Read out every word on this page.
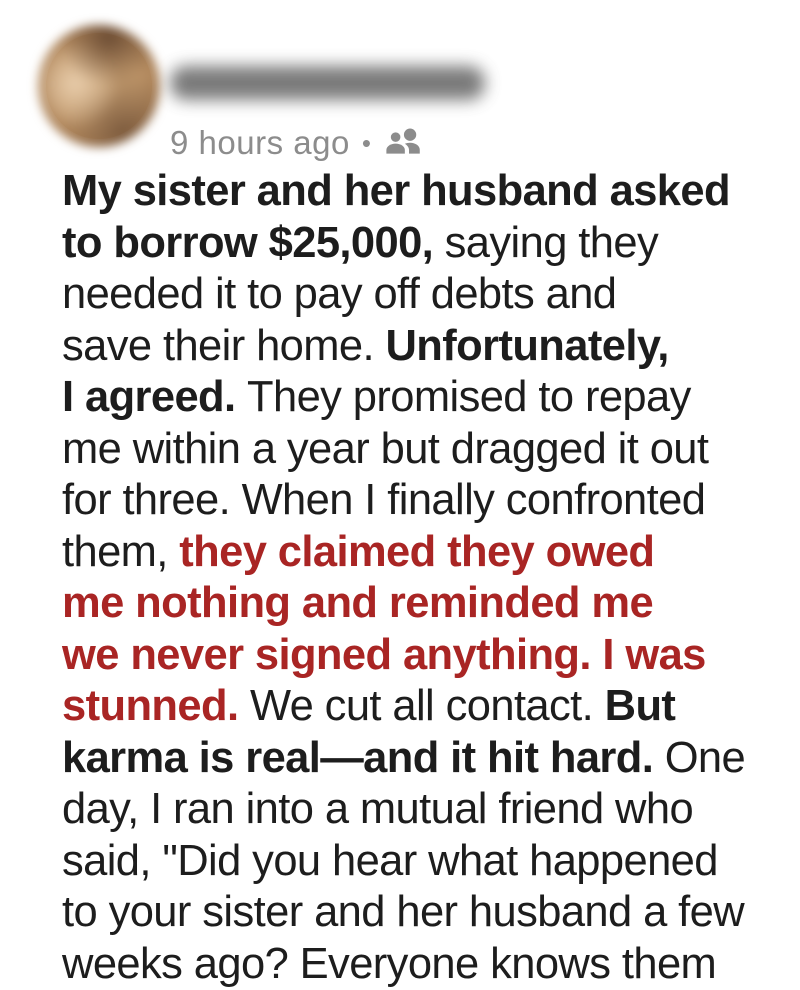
9 hours ago •
My sister and her husband asked
to borrow $25,000, saying they
needed it to pay off debts and
save their home. Unfortunately,
I agreed. They promised to repay
me within a year but dragged it out
for three. When I finally confronted
them, they claimed they owed
me nothing and reminded me
we never signed anything. I was
stunned. We cut all contact. But
karma is real—and it hit hard. One
day, I ran into a mutual friend who
said, "Did you hear what happened
to your sister and her husband a few
weeks ago? Everyone knows them
